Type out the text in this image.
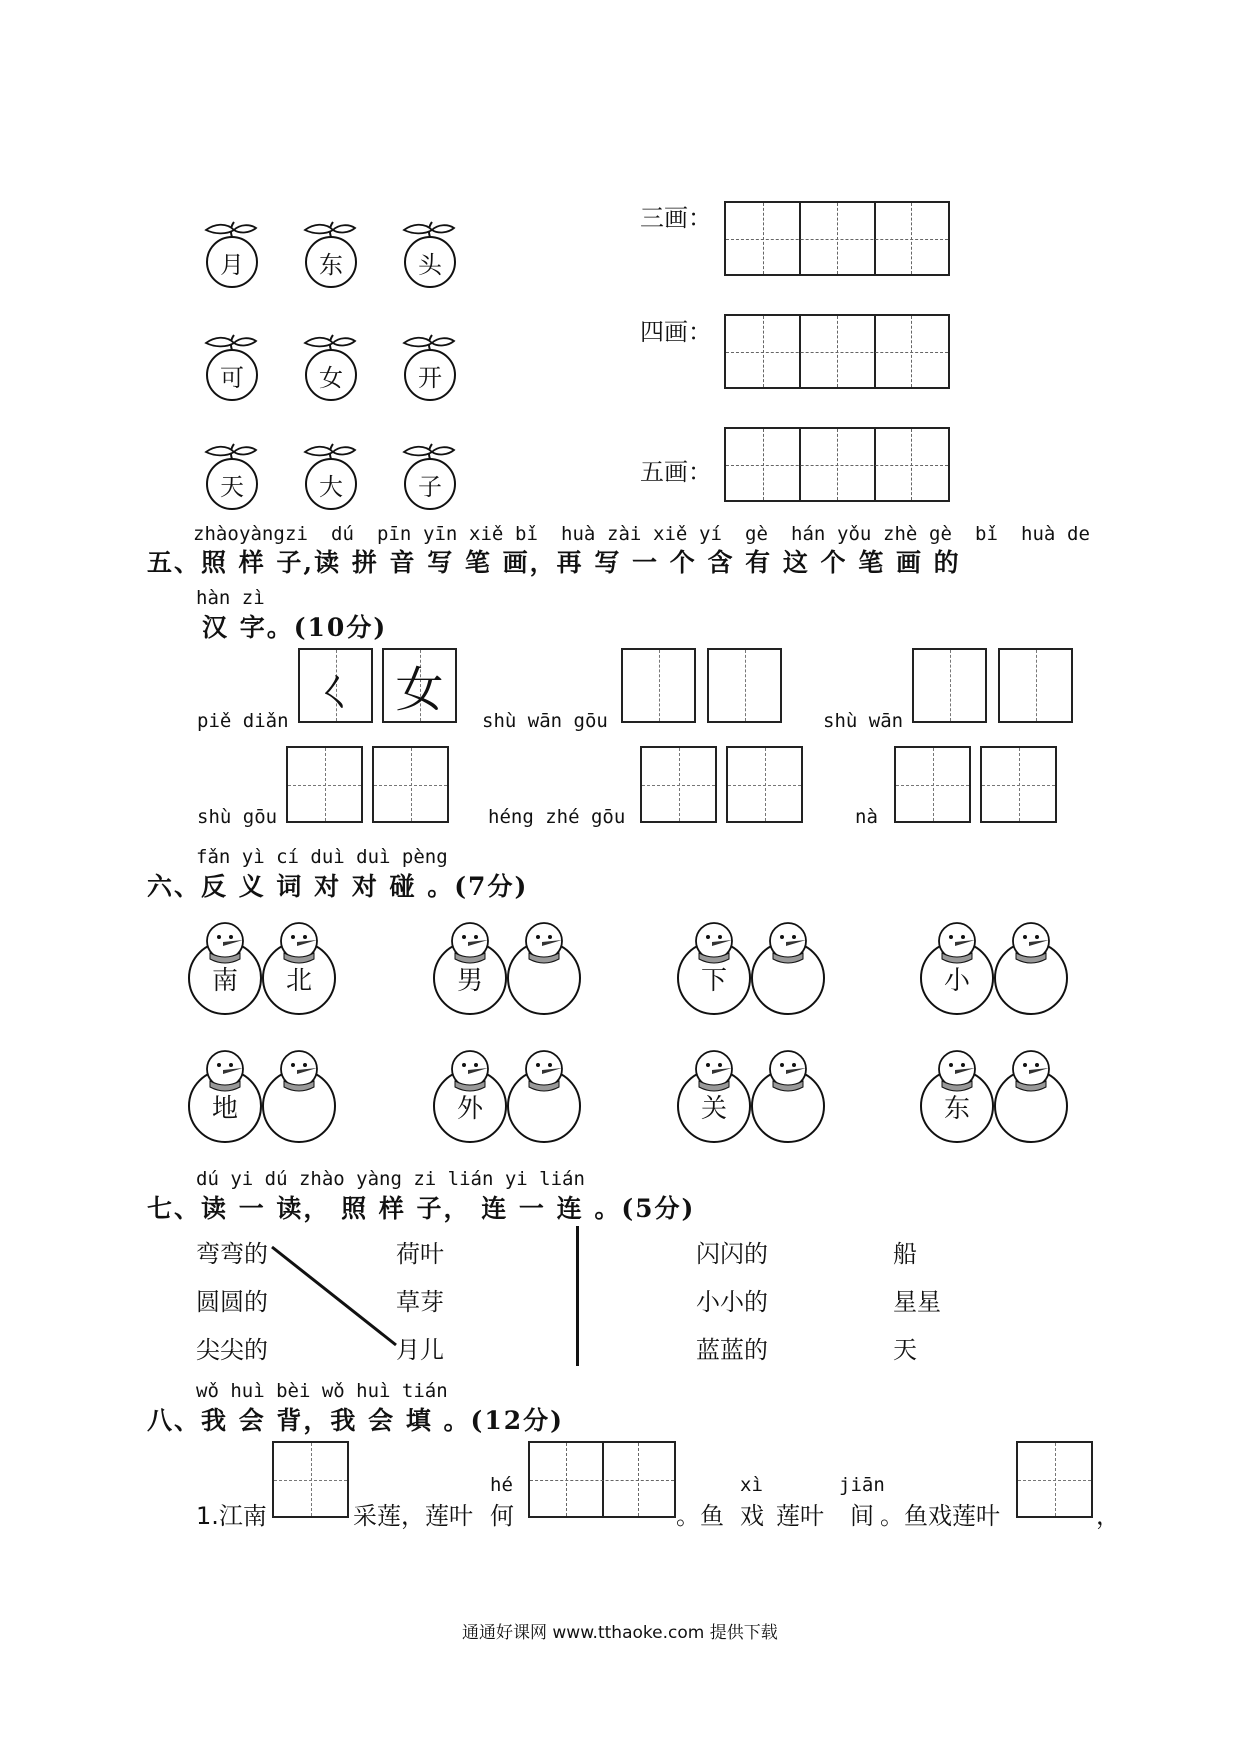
月	东	头
可	女	开
天	大	子
三画：
四画：
五画：
zhào yàng zi dú pīn yīn xiě bǐ huà zài xiě yí gè hán yǒu zhè gè bǐ huà de
五、照 样 子,读 拼 音 写 笔 画，再 写 一 个 含 有 这 个 笔 画 的
hàn zì
汉 字。(10分)
piě diǎn
ㄑ 女
shù wān gōu	shù wān
shù gōu	héng zhé gōu	nà
fǎn yì cí duì duì pèng
六、反 义 词 对 对 碰 。(7分)
南	北	男	下	小
地	外	关	东
dú yi dú zhào yàng zi lián yi lián
七、读 一 读， 照 样 子， 连 一 连 。(5分)
弯弯的
圆圆的
尖尖的
荷叶
草芽
月儿
闪闪的
小小的
蓝蓝的
船
星星
天
wǒ huì bèi wǒ huì tián
八、我 会 背，我 会 填 。(12分)
1.江南	采莲，莲叶
hé
何	。鱼
xì
戏 莲叶
jiān
间 。鱼戏莲叶	，
通通好课网 www.tthaoke.com 提供下载
